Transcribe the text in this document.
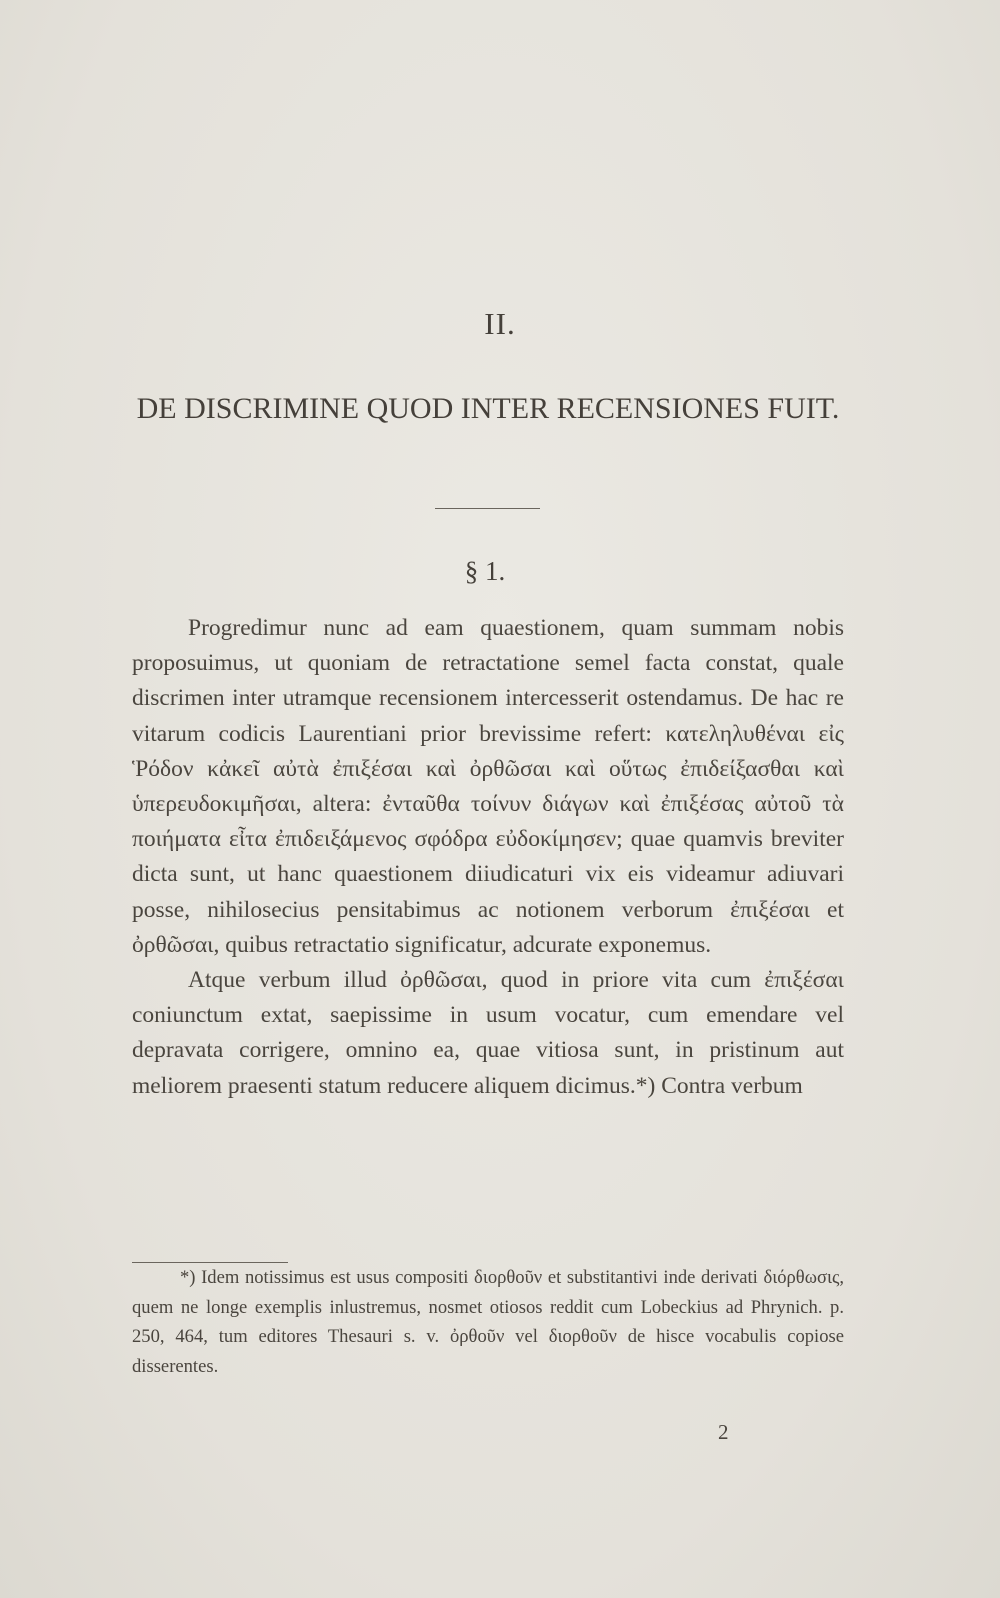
II.
DE DISCRIMINE QUOD INTER RECENSIONES FUIT.
§ 1.

Progredimur nunc ad eam quaestionem, quam summam nobis proposuimus, ut quoniam de retractatione semel facta constat, quale discrimen inter utramque recensionem intercesserit ostendamus. De hac re vitarum codicis Laurentiani prior brevissime refert: κατεληλυθέναι εἰς Ῥόδον κἀκεῖ αὐτὰ ἐπιξέσαι καὶ ὀρθῶσαι καὶ οὕτως ἐπιδείξασθαι καὶ ὑπερευδοκιμῆσαι, altera: ἐνταῦθα τοίνυν διάγων καὶ ἐπιξέσας αὐτοῦ τὰ ποιήματα εἶτα ἐπιδειξάμενος σφόδρα εὐδοκίμησεν; quae quamvis breviter dicta sunt, ut hanc quaestionem diiudicaturi vix eis videamur adiuvari posse, nihilosecius pensitabimus ac notionem verborum ἐπιξέσαι et ὀρθῶσαι, quibus retractatio significatur, adcurate exponemus.

Atque verbum illud ὀρθῶσαι, quod in priore vita cum ἐπιξέσαι coniunctum extat, saepissime in usum vocatur, cum emendare vel depravata corrigere, omnino ea, quae vitiosa sunt, in pristinum aut meliorem praesenti statum reducere aliquem dicimus.*) Contra verbum

*) Idem notissimus est usus compositi διορθοῦν et substitantivi inde derivati διόρθωσις, quem ne longe exemplis inlustremus, nosmet otiosos reddit cum Lobeckius ad Phrynich. p. 250, 464, tum editores Thesauri s. v. ὀρθοῦν vel διορθοῦν de hisce vocabulis copiose disserentes.

2
